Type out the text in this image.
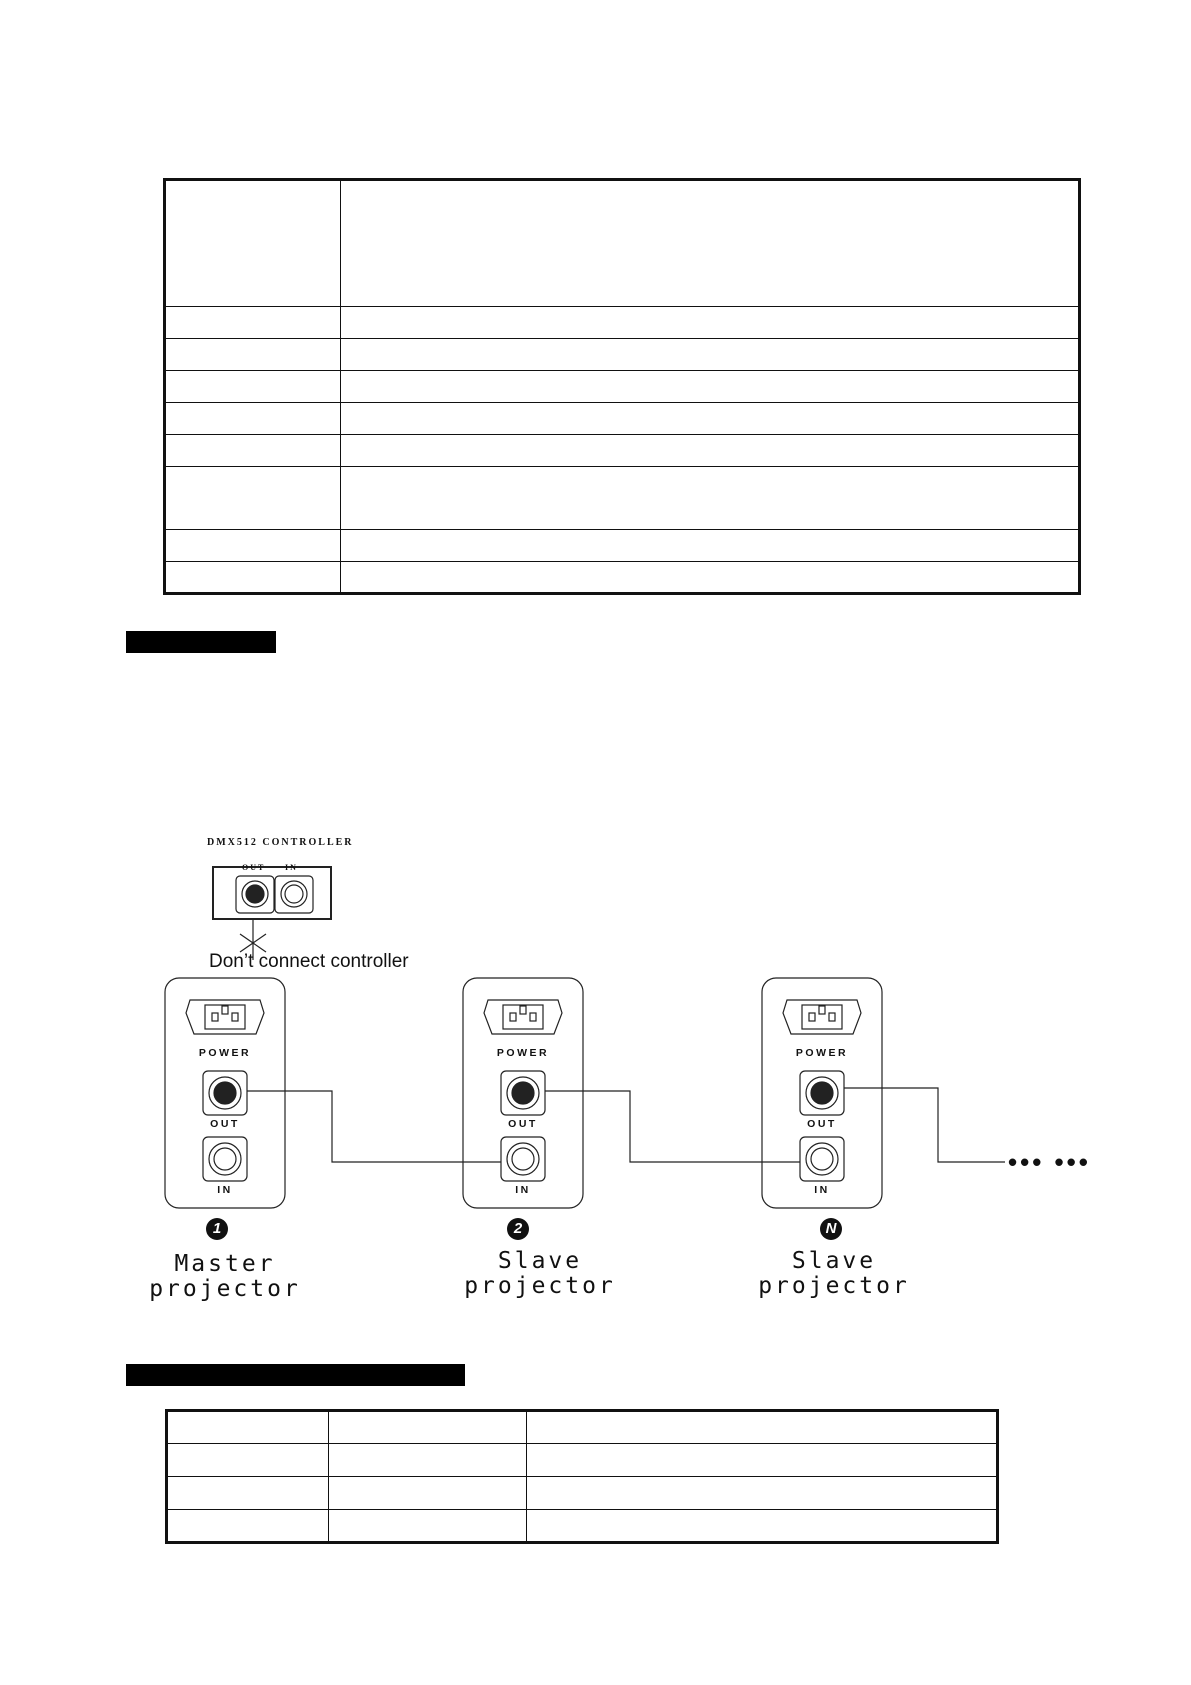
DMX512 CONTROLLER
OUT IN
Don’t connect controller
POWER
OUT
IN
POWER
OUT
IN
POWER
OUT
IN
••• •••
1	2	N
Master
projector
Slave
projector
Slave
projector
